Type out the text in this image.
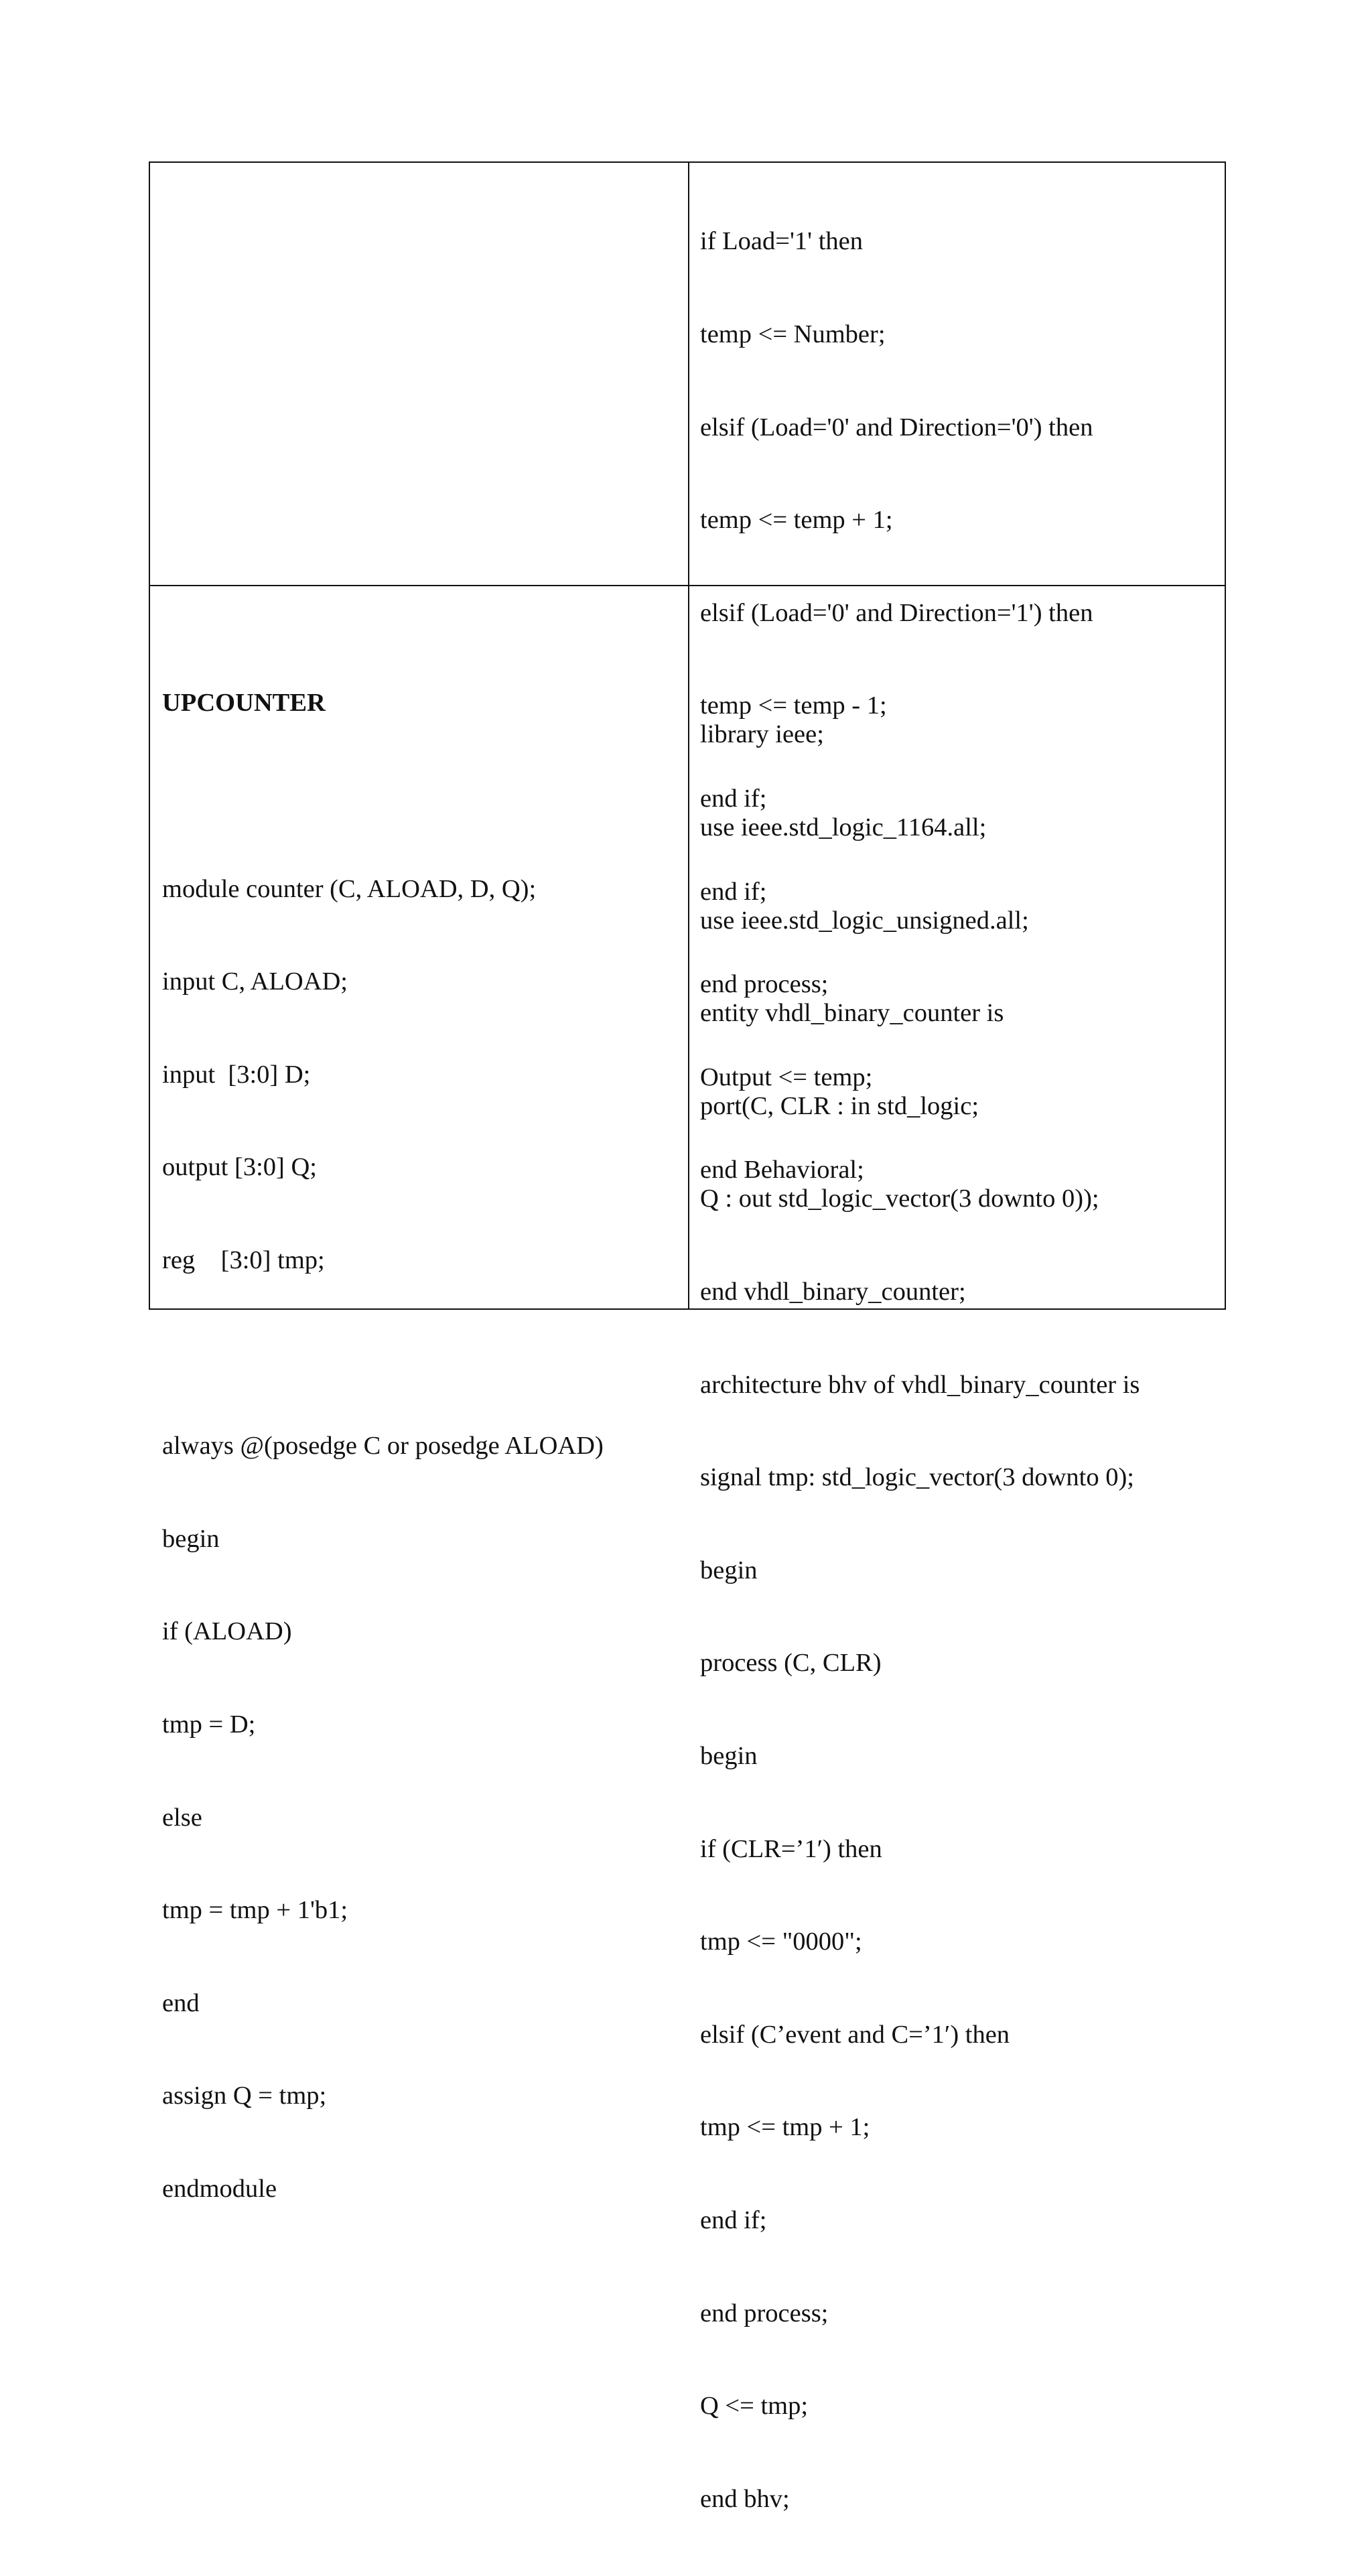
if Load='1' then

temp <= Number;

elsif (Load='0' and Direction='0') then

temp <= temp + 1;

elsif (Load='0' and Direction='1') then

temp <= temp - 1;

end if;

end if;

end process;

Output <= temp;

end Behavioral;

UPCOUNTER

module counter (C, ALOAD, D, Q);

input C, ALOAD;

input  [3:0] D;

output [3:0] Q;

reg    [3:0] tmp;

always @(posedge C or posedge ALOAD)

begin

if (ALOAD)

tmp = D;

else

tmp = tmp + 1'b1;

end

assign Q = tmp;

endmodule

library ieee;

use ieee.std_logic_1164.all;

use ieee.std_logic_unsigned.all;

entity vhdl_binary_counter is

port(C, CLR : in std_logic;

Q : out std_logic_vector(3 downto 0));

end vhdl_binary_counter;

architecture bhv of vhdl_binary_counter is

signal tmp: std_logic_vector(3 downto 0);

begin

process (C, CLR)

begin

if (CLR=’1′) then

tmp <= "0000";

elsif (C’event and C=’1′) then

tmp <= tmp + 1;

end if;

end process;

Q <= tmp;

end bhv;
